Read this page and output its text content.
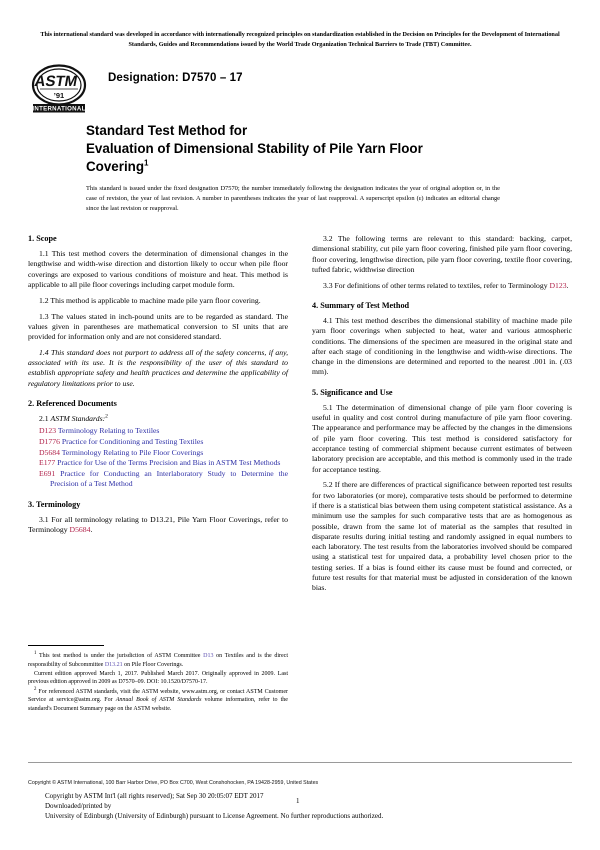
This international standard was developed in accordance with internationally recognized principles on standardization established in the Decision on Principles for the Development of International Standards, Guides and Recommendations issued by the World Trade Organization Technical Barriers to Trade (TBT) Committee.
ASTM
’91
INTERNATIONAL
Designation: D7570 – 17
Standard Test Method for
Evaluation of Dimensional Stability of Pile Yarn Floor
Covering$^1$
This standard is issued under the fixed designation D7570; the number immediately following the designation indicates the year of original adoption or, in the case of revision, the year of last revision. A number in parentheses indicates the year of last reapproval. A superscript epsilon (ε) indicates an editorial change since the last revision or reapproval.
1. Scope

1.1 This test method covers the determination of dimensional changes in the lengthwise and width-wise direction and distortion likely to occur when pile floor coverings are exposed to various conditions of moisture and heat. This method is applicable to all pile floor coverings including carpet module form.

1.2 This method is applicable to machine made pile yarn floor covering.

1.3 The values stated in inch-pound units are to be regarded as standard. The values given in parentheses are mathematical conversion to SI units that are provided for information only and are not considered standard.

1.4 This standard does not purport to address all of the safety concerns, if any, associated with its use. It is the responsibility of the user of this standard to establish appropriate safety and health practices and determine the applicability of regulatory limitations prior to use.

2. Referenced Documents

2.1 ASTM Standards:$^2$

D123 Terminology Relating to Textiles
D1776 Practice for Conditioning and Testing Textiles
D5684 Terminology Relating to Pile Floor Coverings
E177 Practice for Use of the Terms Precision and Bias in ASTM Test Methods
E691 Practice for Conducting an Interlaboratory Study to Determine the Precision of a Test Method
3. Terminology

3.1 For all terminology relating to D13.21, Pile Yarn Floor Coverings, refer to Terminology D5684.

3.2 The following terms are relevant to this standard: backing, carpet, dimensional stability, cut pile yarn floor covering, finished pile yarn floor covering, floor covering, lengthwise direction, pile yarn floor covering, textile floor covering, tufted fabric, widthwise direction

3.3 For definitions of other terms related to textiles, refer to Terminology D123.

4. Summary of Test Method

4.1 This test method describes the dimensional stability of machine made pile yarn floor coverings when subjected to heat, water and various atmospheric conditions. The dimensions of the specimen are measured in the original state and after each stage of conditioning in the lengthwise and width-wise directions. The change in the dimensions are determined and reported to the nearest .001 in. (.03 mm).

5. Significance and Use

5.1 The determination of dimensional change of pile yarn floor covering is useful in quality and cost control during manufacture of pile yarn floor covering. The appearance and performance may be affected by the changes in the dimensions of pile yarn floor covering. This test method is considered satisfactory for acceptance testing of commercial shipment because current estimates of between laboratory precision are acceptable, and this method is commonly used in the trade for acceptance testing.

5.2 If there are differences of practical significance between reported test results for two laboratories (or more), comparative tests should be performed to determine if there is a statistical bias between them using competent statistical assistance. As a minimum use the samples for such comparative tests that are as homogenous as possible, drawn from the same lot of material as the samples that resulted in disparate results during initial testing and randomly assigned in equal numbers to each laboratory. The test results from the laboratories involved should be compared using a statistical test for unpaired data, a probability level chosen prior to the testing series. If a bias is found either its cause must be found and corrected, or future test results for that material must be adjusted in consideration of the known bias.

$^1$ This test method is under the jurisdiction of ASTM Committee D13 on Textiles and is the direct responsibility of Subcommittee D13.21 on Pile Floor Coverings.

Current edition approved March 1, 2017. Published March 2017. Originally approved in 2009. Last previous edition approved in 2009 as D7570–09. DOI: 10.1520/D7570-17.

$^2$ For referenced ASTM standards, visit the ASTM website, www.astm.org, or contact ASTM Customer Service at service@astm.org. For Annual Book of ASTM Standards volume information, refer to the standard's Document Summary page on the ASTM website.

Copyright © ASTM International, 100 Barr Harbor Drive, PO Box C700, West Conshohocken, PA 19428-2959, United States

Copyright by ASTM Int'l (all rights reserved); Sat Sep 30 20:05:07 EDT 2017

Downloaded/printed by

University of Edinburgh (University of Edinburgh) pursuant to License Agreement. No further reproductions authorized.

1
